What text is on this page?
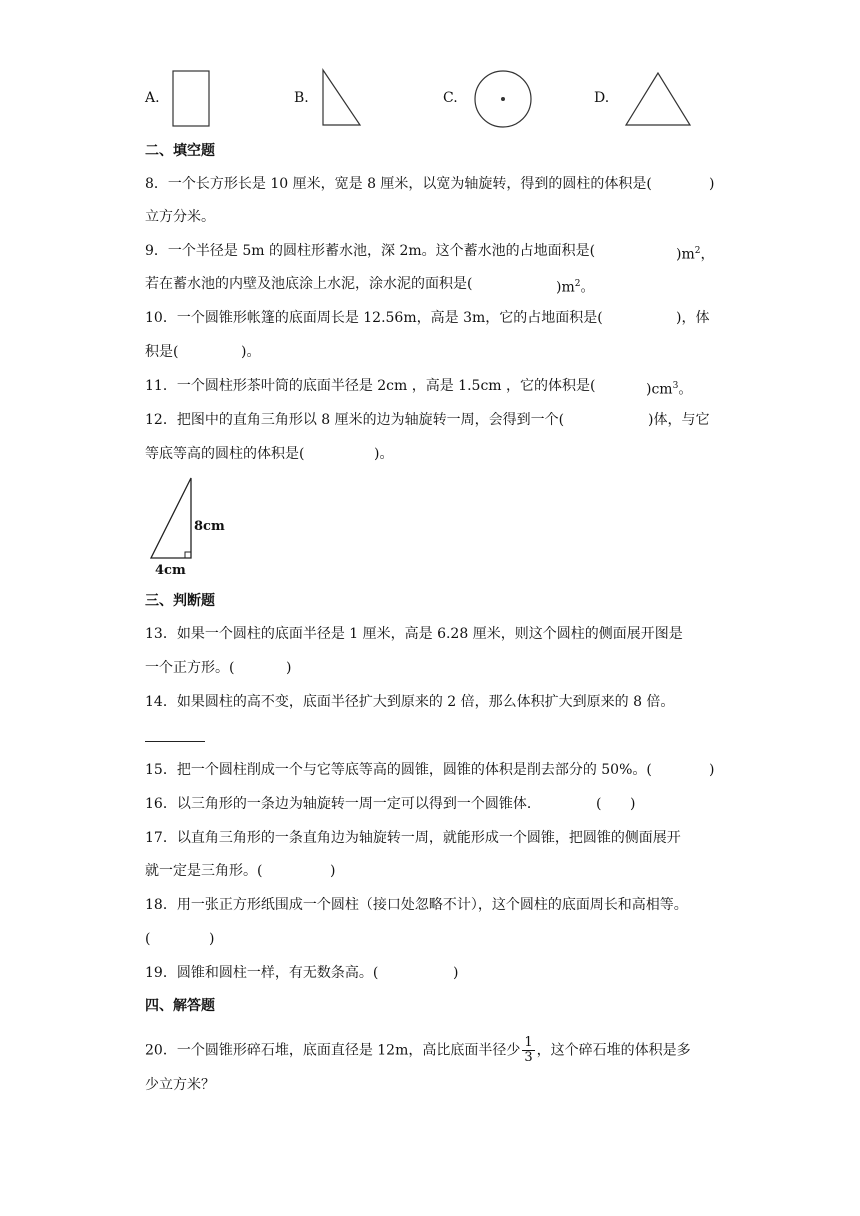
A.	B.	C.	D.
二、填空题
8．一个长方形长是 10 厘米，宽是 8 厘米，以宽为轴旋转，得到的圆柱的体积是(	)
立方分米。
9．一个半径是 5m 的圆柱形蓄水池，深 2m。这个蓄水池的占地面积是(	)$m^2$，
若在蓄水池的内壁及池底涂上水泥，涂水泥的面积是(	)$m^2$。
10．一个圆锥形帐篷的底面周长是 12.56m，高是 3m，它的占地面积是(	)，体
积是(	)。
11．一个圆柱形茶叶筒的底面半径是 2cm ，高是 1.5cm ，它的体积是(	)$cm^3$。
12．把图中的直角三角形以 8 厘米的边为轴旋转一周，会得到一个(	)体，与它
等底等高的圆柱的体积是(	)。
8cm
4cm
三、判断题
13．如果一个圆柱的底面半径是 1 厘米，高是 6.28 厘米，则这个圆柱的侧面展开图是
一个正方形。(	)
14．如果圆柱的高不变，底面半径扩大到原来的 2 倍，那么体积扩大到原来的 8 倍。
15．把一个圆柱削成一个与它等底等高的圆锥，圆锥的体积是削去部分的 50%。(	)
16．以三角形的一条边为轴旋转一周一定可以得到一个圆锥体．	( )
17．以直角三角形的一条直角边为轴旋转一周，就能形成一个圆锥，把圆锥的侧面展开
就一定是三角形。(	)
18．用一张正方形纸围成一个圆柱（接口处忽略不计），这个圆柱的底面周长和高相等。
(	)
19．圆锥和圆柱一样，有无数条高。(	)
四、解答题
20．一个圆锥形碎石堆，底面直径是 12m，高比底面半径少 $\frac{1}{3}$ ，这个碎石堆的体积是多
少立方米？
